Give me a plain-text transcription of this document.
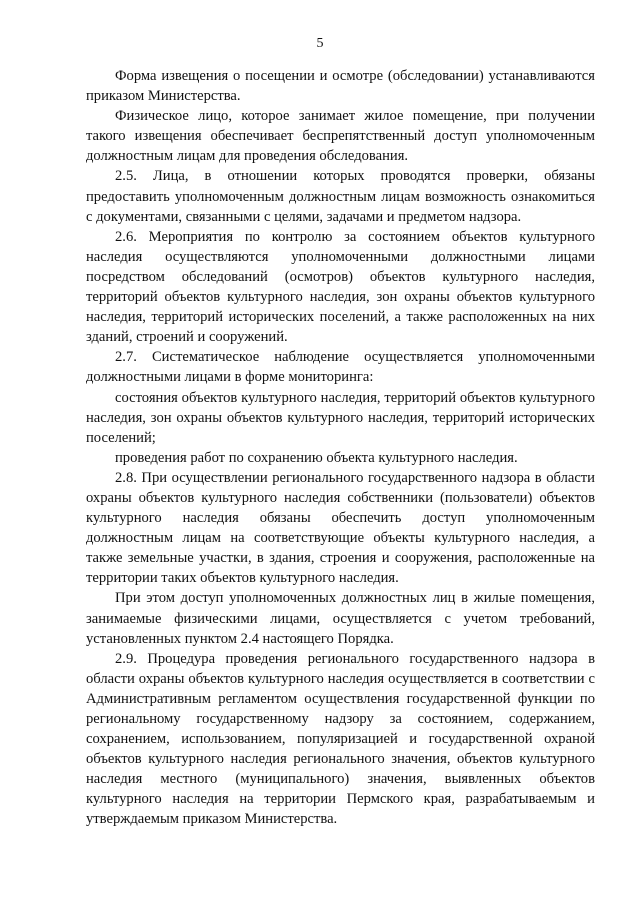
5

Форма извещения о посещении и осмотре (обследовании) устанавливаются приказом Министерства.

Физическое лицо, которое занимает жилое помещение, при получении такого извещения обеспечивает беспрепятственный доступ уполномоченным должностным лицам для проведения обследования.

2.5. Лица, в отношении которых проводятся проверки, обязаны предоставить уполномоченным должностным лицам возможность ознакомиться с документами, связанными с целями, задачами и предметом надзора.

2.6. Мероприятия по контролю за состоянием объектов культурного наследия осуществляются уполномоченными должностными лицами посредством обследований (осмотров) объектов культурного наследия, территорий объектов культурного наследия, зон охраны объектов культурного наследия, территорий исторических поселений, а также расположенных на них зданий, строений и сооружений.

2.7. Систематическое наблюдение осуществляется уполномоченными должностными лицами в форме мониторинга:

состояния объектов культурного наследия, территорий объектов культурного наследия, зон охраны объектов культурного наследия, территорий исторических поселений;

проведения работ по сохранению объекта культурного наследия.

2.8. При осуществлении регионального государственного надзора в области охраны объектов культурного наследия собственники (пользователи) объектов культурного наследия обязаны обеспечить доступ уполномоченным должностным лицам на соответствующие объекты культурного наследия, а также земельные участки, в здания, строения и сооружения, расположенные на территории таких объектов культурного наследия.

При этом доступ уполномоченных должностных лиц в жилые помещения, занимаемые физическими лицами, осуществляется с учетом требований, установленных пунктом 2.4 настоящего Порядка.

2.9. Процедура проведения регионального государственного надзора в области охраны объектов культурного наследия осуществляется в соответствии с Административным регламентом осуществления государственной функции по региональному государственному надзору за состоянием, содержанием, сохранением, использованием, популяризацией и государственной охраной объектов культурного наследия регионального значения, объектов культурного наследия местного (муниципального) значения, выявленных объектов культурного наследия на территории Пермского края, разрабатываемым и утверждаемым приказом Министерства.
